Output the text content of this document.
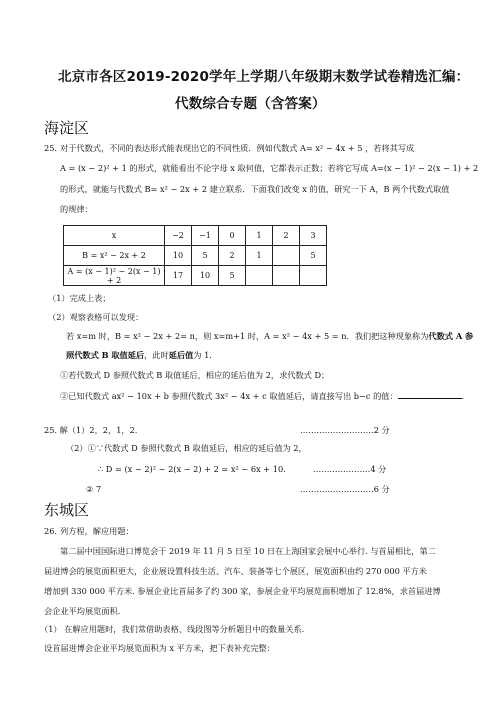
北京市各区2019-2020学年上学期八年级期末数学试卷精选汇编：
代数综合专题（含答案）
海淀区
25. 对于代数式，不同的表达形式能表现出它的不同性质．例如代数式 A= x² − 4x + 5 ，若将其写成
A = (x − 2)² + 1 的形式，就能看出不论字母 x 取何值，它都表示正数；若将它写成 A=(x − 1)² − 2(x − 1) + 2
的形式，就能与代数式 B= x² − 2x + 2 建立联系．下面我们改变 x 的值，研究一下 A，B 两个代数式取值
的规律：
x	−2	−1	0	1	2	3
B = x² − 2x + 2	10	5	2	1		5
A = (x − 1)² − 2(x − 1) + 2	17	10	5			
（1）完成上表；
（2）观察表格可以发现：
若 x=m 时，B = x² − 2x + 2= n，则 x=m+1 时，A = x² − 4x + 5 = n．我们把这种现象称为代数式 A 参
照代数式 B 取值延后，此时延后值为 1．
①若代数式 D 参照代数式 B 取值延后，相应的延后值为 2，求代数式 D；
②已知代数式 ax² − 10x + b 参照代数式 3x² − 4x + c 取值延后，请直接写出 b−c 的值：	.
25. 解（1）2，2，1，2.	………………………2 分
（2）①∵代数式 D 参照代数式 B 取值延后，相应的延后值为 2，
∴ D = (x − 2)² − 2(x − 2) + 2 = x² − 6x + 10．	…………………4 分
② 7	………………………6 分
东城区
26. 列方程，解应用题：
第二届中国国际进口博览会于 2019 年 11 月 5 日至 10 日在上海国家会展中心举行. 与首届相比，第二
届进博会的展览面积更大，企业展设置科技生活、汽车、装备等七个展区，展览面积由约 270 000 平方米
增加到 330 000 平方米. 参展企业比首届多了约 300 家，参展企业平均展览面积增加了 12.8%，求首届进博
会企业平均展览面积.
（1） 在解应用题时，我们常借助表格、线段图等分析题目中的数量关系.
设首届进博会企业平均展览面积为 x 平方米，把下表补充完整：
